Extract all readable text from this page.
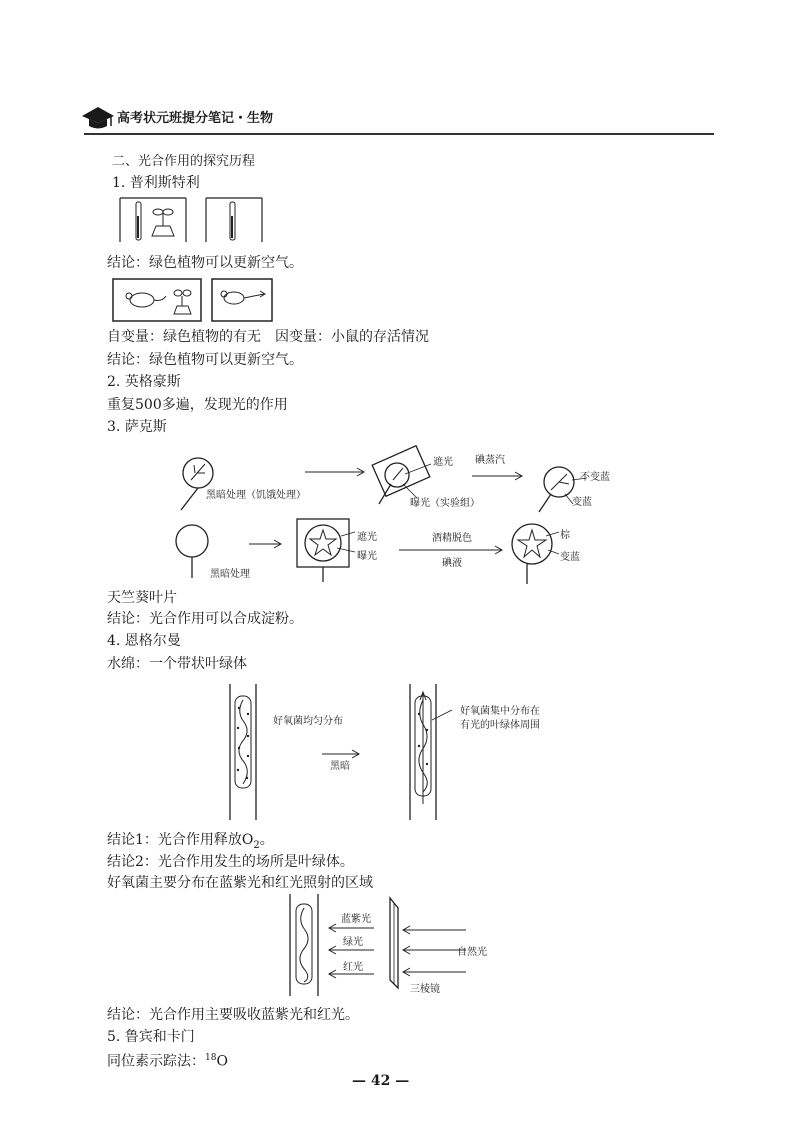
高考状元班提分笔记・生物
二、光合作用的探究历程
1. 普利斯特利
结论：绿色植物可以更新空气。
自变量：绿色植物的有无　因变量：小鼠的存活情况
结论：绿色植物可以更新空气。
2. 英格豪斯
重复500多遍，发现光的作用
3. 萨克斯
黑暗处理（饥饿处理）
遮光
曝光（实验组）
碘蒸汽
不变蓝
变蓝
黑暗处理
遮光
曝光
酒精脱色
碘液
棕
变蓝
天竺葵叶片
结论：光合作用可以合成淀粉。
4. 恩格尔曼
水绵：一个带状叶绿体
好氧菌均匀分布
黑暗
好氧菌集中分布在
有光的叶绿体周围
结论1：光合作用释放$O_2$。
结论2：光合作用发生的场所是叶绿体。
好氧菌主要分布在蓝紫光和红光照射的区域
蓝紫光
绿光
红光
自然光
三棱镜
结论：光合作用主要吸收蓝紫光和红光。
5. 鲁宾和卡门
同位素示踪法：$^{18}$O
— 42 —
